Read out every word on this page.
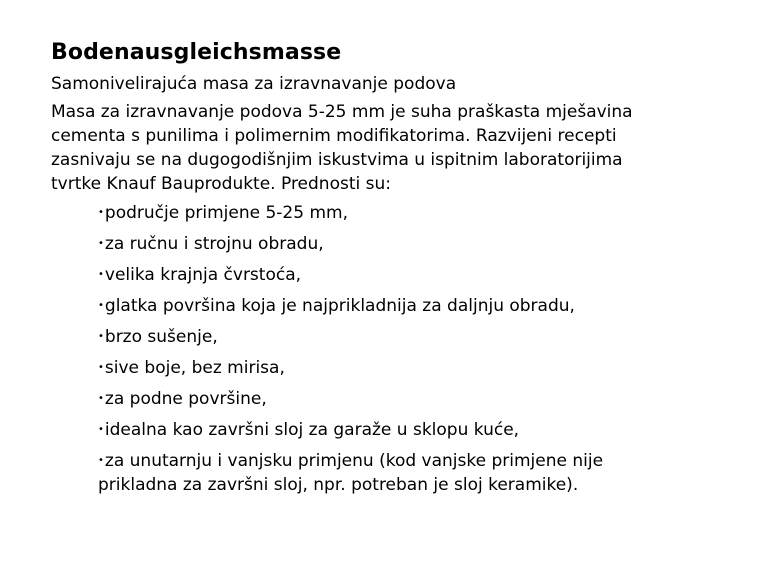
Bodenausgleichsmasse

Samonivelirajuća masa za izravnavanje podova

Masa za izravnavanje podova 5-25 mm je suha praškasta mješavina cementa s punilima i polimernim modifikatorima. Razvijeni recepti zasnivaju se na dugogodišnjim iskustvima u ispitnim laboratorijima tvrtke Knauf Bauprodukte. Prednosti su:

•područje primjene 5-25 mm,
•za ručnu i strojnu obradu,
•velika krajnja čvrstoća,
•glatka površina koja je najprikladnija za daljnju obradu,
•brzo sušenje,
•sive boje, bez mirisa,
•za podne površine,
•idealna kao završni sloj za garaže u sklopu kuće,
•za unutarnju i vanjsku primjenu (kod vanjske primjene nije prikladna za završni sloj, npr. potreban je sloj keramike).
